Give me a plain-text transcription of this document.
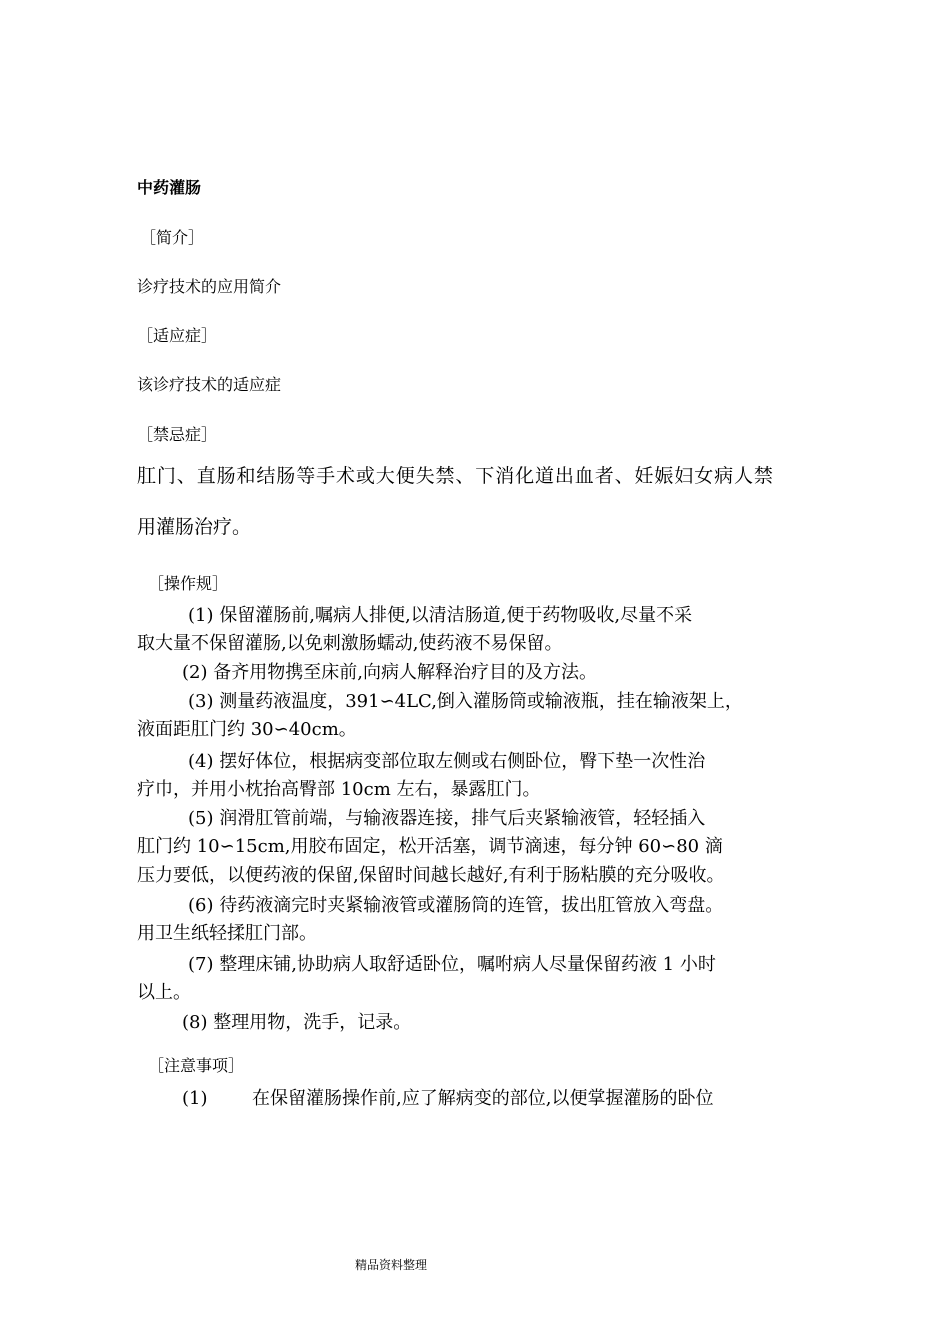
中药灌肠
［简介］
诊疗技术的应用简介
［适应症］
该诊疗技术的适应症
［禁忌症］
肛门、直肠和结肠等手术或大便失禁、下消化道出血者、妊娠妇女病人禁
用灌肠治疗。
［操作规］
(1) 保留灌肠前,嘱病人排便,以清洁肠道,便于药物吸收,尽量不采
取大量不保留灌肠,以免刺激肠蠕动,使药液不易保留。
(2) 备齐用物携至床前,向病人解释治疗目的及方法。
(3) 测量药液温度，391∽4LC,倒入灌肠筒或输液瓶，挂在输液架上，
液面距肛门约 30∽40cm。
(4) 摆好体位，根据病变部位取左侧或右侧卧位，臀下垫一次性治
疗巾，并用小枕抬高臀部 10cm 左右，暴露肛门。
(5) 润滑肛管前端，与输液器连接，排气后夹紧输液管，轻轻插入
肛门约 10∽15cm,用胶布固定，松开活塞，调节滴速，每分钟 60∽80 滴
压力要低，以便药液的保留,保留时间越长越好,有利于肠粘膜的充分吸收。
(6) 待药液滴完时夹紧输液管或灌肠筒的连管，拔出肛管放入弯盘。
用卫生纸轻揉肛门部。
(7) 整理床铺,协助病人取舒适卧位，嘱咐病人尽量保留药液 1 小时
以上。
(8) 整理用物，洗手，记录。
［注意事项］
(1) 在保留灌肠操作前,应了解病变的部位,以便掌握灌肠的卧位
精品资料整理
